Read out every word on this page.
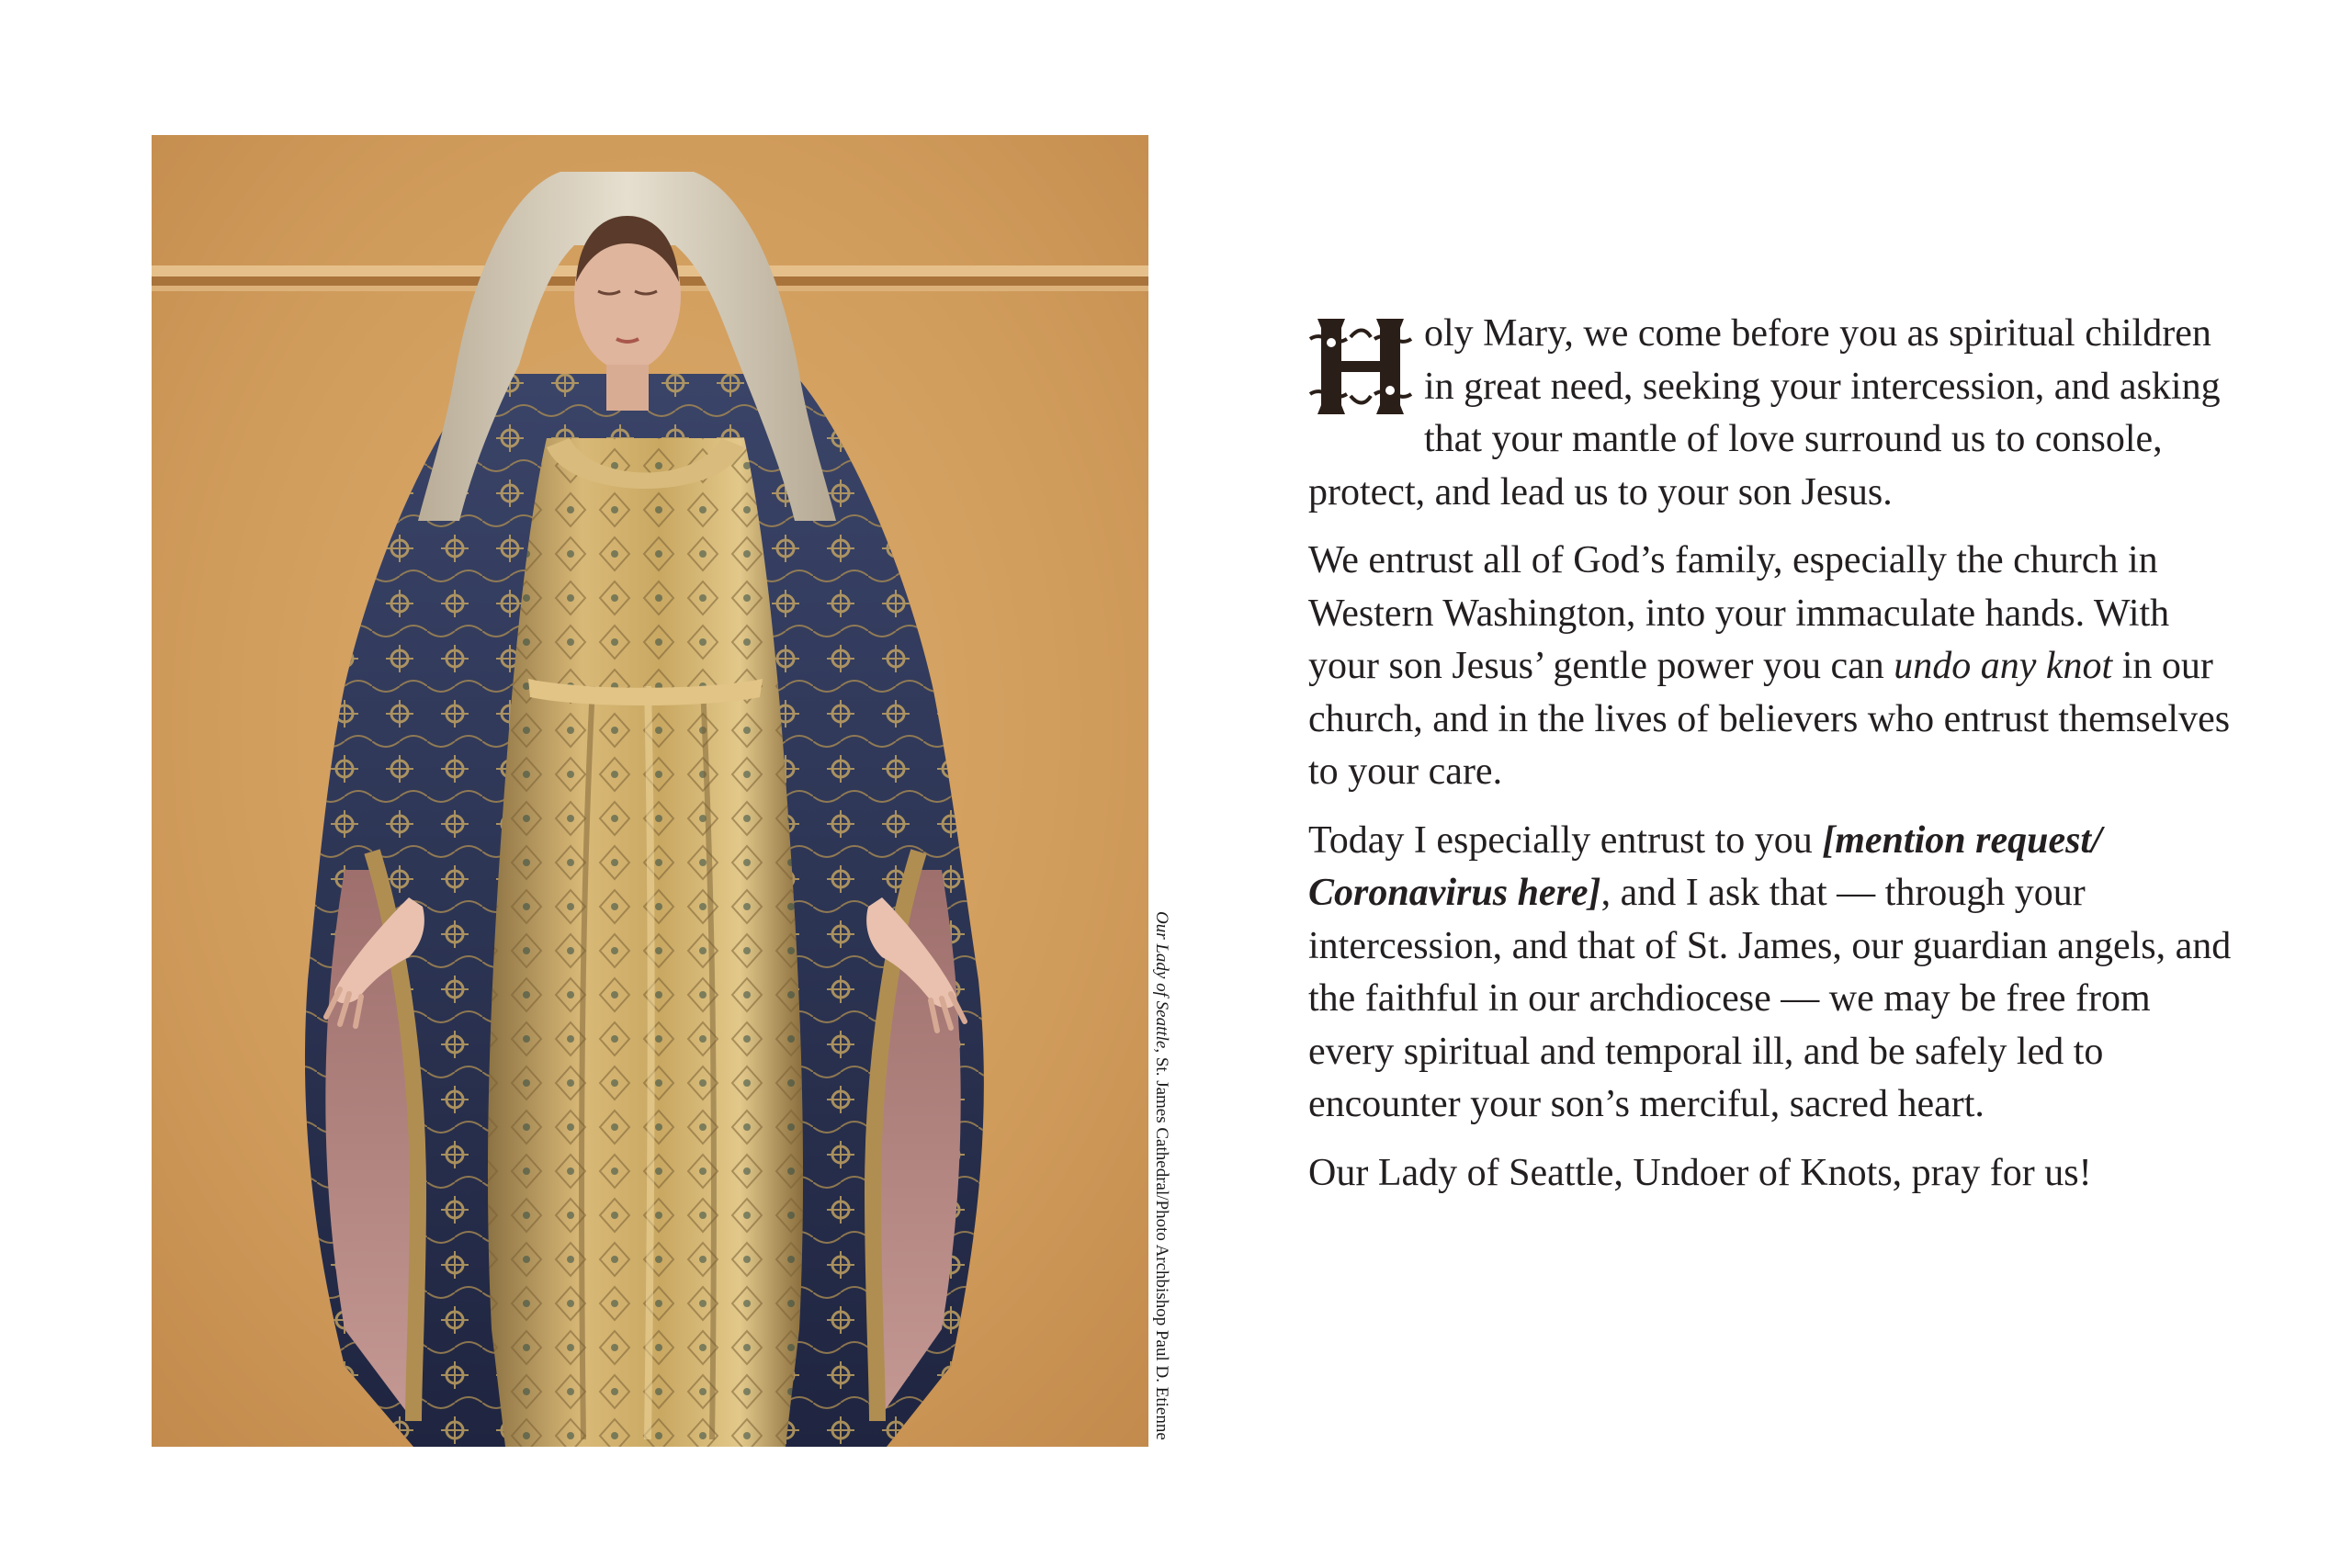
Our Lady of Seattle, St. James Cathedral/Photo Archbishop Paul D. Etienne

oly Mary, we come before you as spiritual children in great need, seeking your intercession, and asking that your mantle of love surround us to console, protect, and lead us to your son Jesus.

We entrust all of God’s family, especially the church in Western Washington, into your immaculate hands. With your son Jesus’ gentle power you can undo any knot in our church, and in the lives of believers who entrust themselves to your care.

Today I especially entrust to you [mention request/ Coronavirus here], and I ask that — through your intercession, and that of St. James, our guardian angels, and the faithful in our archdiocese — we may be free from every spiritual and temporal ill, and be safely led to encounter your son’s merciful, sacred heart.

Our Lady of Seattle, Undoer of Knots, pray for us!
